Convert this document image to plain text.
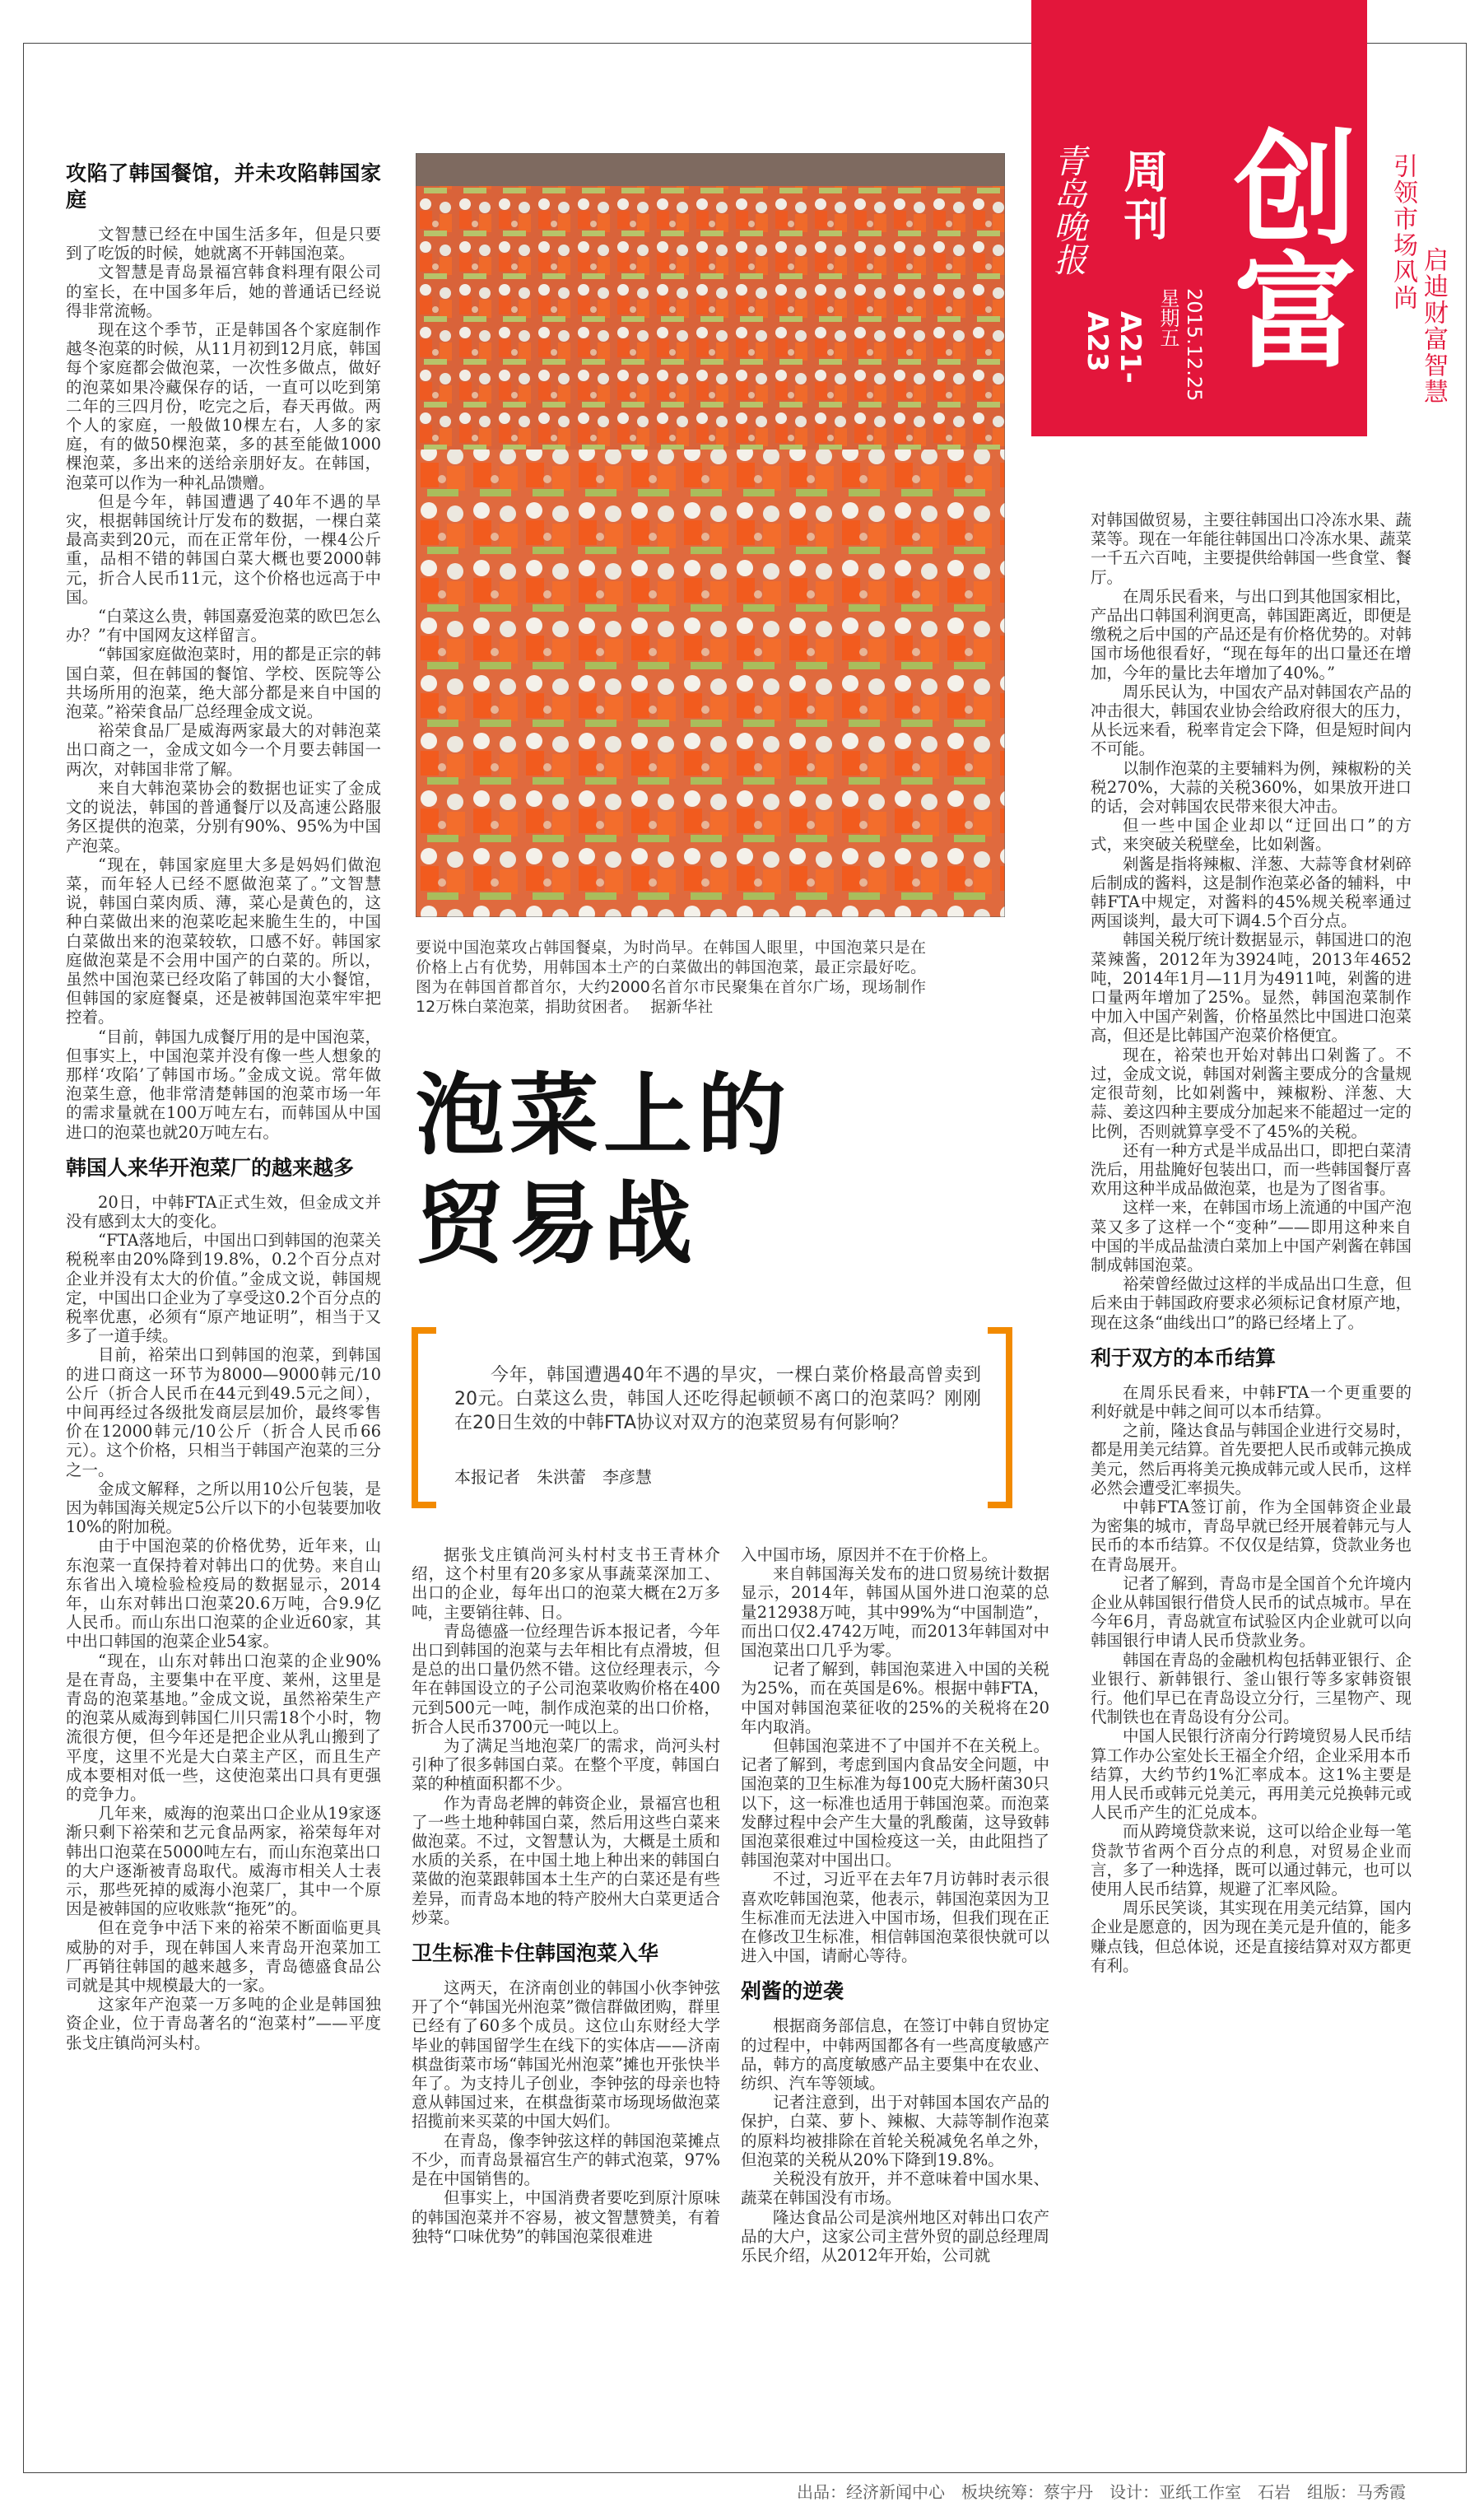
青岛晚报
A21-A23
周刊
星期五 2015.12.25 创富 引领市场风尚
启迪财富智慧
要说中国泡菜攻占韩国餐桌，为时尚早。在韩国人眼里，中国泡菜只是在价格上占有优势，用韩国本土产的白菜做出的韩国泡菜，最正宗最好吃。图为在韩国首都首尔，大约2000名首尔市民聚集在首尔广场，现场制作12万株白菜泡菜，捐助贫困者。 据新华社
泡菜上的
贸易战
今年，韩国遭遇40年不遇的旱灾，一棵白菜价格最高曾卖到20元。白菜这么贵，韩国人还吃得起顿顿不离口的泡菜吗？刚刚在20日生效的中韩FTA协议对双方的泡菜贸易有何影响？
本报记者　朱洪蕾　李彦慧
攻陷了韩国餐馆，并未攻陷韩国家庭

文智慧已经在中国生活多年，但是只要到了吃饭的时候，她就离不开韩国泡菜。

文智慧是青岛景福宫韩食料理有限公司的室长，在中国多年后，她的普通话已经说得非常流畅。

现在这个季节，正是韩国各个家庭制作越冬泡菜的时候，从11月初到12月底，韩国每个家庭都会做泡菜，一次性多做点，做好的泡菜如果冷藏保存的话，一直可以吃到第二年的三四月份，吃完之后，春天再做。两个人的家庭，一般做10棵左右，人多的家庭，有的做50棵泡菜，多的甚至能做1000棵泡菜，多出来的送给亲朋好友。在韩国，泡菜可以作为一种礼品馈赠。

但是今年，韩国遭遇了40年不遇的旱灾，根据韩国统计厅发布的数据，一棵白菜最高卖到20元，而在正常年份，一棵4公斤重，品相不错的韩国白菜大概也要2000韩元，折合人民币11元，这个价格也远高于中国。

“白菜这么贵，韩国嘉爱泡菜的欧巴怎么办？”有中国网友这样留言。

“韩国家庭做泡菜时，用的都是正宗的韩国白菜，但在韩国的餐馆、学校、医院等公共场所用的泡菜，绝大部分都是来自中国的泡菜。”裕荣食品厂总经理金成文说。

裕荣食品厂是威海两家最大的对韩泡菜出口商之一，金成文如今一个月要去韩国一两次，对韩国非常了解。

来自大韩泡菜协会的数据也证实了金成文的说法，韩国的普通餐厅以及高速公路服务区提供的泡菜，分别有90%、95%为中国产泡菜。

“现在，韩国家庭里大多是妈妈们做泡菜，而年轻人已经不愿做泡菜了。”文智慧说，韩国白菜肉质、薄，菜心是黄色的，这种白菜做出来的泡菜吃起来脆生生的，中国白菜做出来的泡菜较软，口感不好。韩国家庭做泡菜是不会用中国产的白菜的。所以，虽然中国泡菜已经攻陷了韩国的大小餐馆，但韩国的家庭餐桌，还是被韩国泡菜牢牢把控着。

“目前，韩国九成餐厅用的是中国泡菜，但事实上，中国泡菜并没有像一些人想象的那样‘攻陷’了韩国市场。”金成文说。常年做泡菜生意，他非常清楚韩国的泡菜市场一年的需求量就在100万吨左右，而韩国从中国进口的泡菜也就20万吨左右。

韩国人来华开泡菜厂的越来越多

20日，中韩FTA正式生效，但金成文并没有感到太大的变化。

“FTA落地后，中国出口到韩国的泡菜关税税率由20%降到19.8%，0.2个百分点对企业并没有太大的价值。”金成文说，韩国规定，中国出口企业为了享受这0.2个百分点的税率优惠，必须有“原产地证明”，相当于又多了一道手续。

目前，裕荣出口到韩国的泡菜，到韩国的进口商这一环节为8000—9000韩元/10公斤（折合人民币在44元到49.5元之间），中间再经过各级批发商层层加价，最终零售价在12000韩元/10公斤（折合人民币66元）。这个价格，只相当于韩国产泡菜的三分之一。

金成文解释，之所以用10公斤包装，是因为韩国海关规定5公斤以下的小包装要加收10%的附加税。

由于中国泡菜的价格优势，近年来，山东泡菜一直保持着对韩出口的优势。来自山东省出入境检验检疫局的数据显示，2014年，山东对韩出口泡菜20.6万吨，合9.9亿人民币。而山东出口泡菜的企业近60家，其中出口韩国的泡菜企业54家。

“现在，山东对韩出口泡菜的企业90%是在青岛，主要集中在平度、莱州，这里是青岛的泡菜基地。”金成文说，虽然裕荣生产的泡菜从威海到韩国仁川只需18个小时，物流很方便，但今年还是把企业从乳山搬到了平度，这里不光是大白菜主产区，而且生产成本要相对低一些，这使泡菜出口具有更强的竞争力。

几年来，威海的泡菜出口企业从19家逐渐只剩下裕荣和艺元食品两家，裕荣每年对韩出口泡菜在5000吨左右，而山东泡菜出口的大户逐渐被青岛取代。威海市相关人士表示，那些死掉的威海小泡菜厂，其中一个原因是被韩国的应收账款“拖死”的。

但在竞争中活下来的裕荣不断面临更具威胁的对手，现在韩国人来青岛开泡菜加工厂再销往韩国的越来越多，青岛德盛食品公司就是其中规模最大的一家。

这家年产泡菜一万多吨的企业是韩国独资企业，位于青岛著名的“泡菜村”——平度张戈庄镇尚河头村。

据张戈庄镇尚河头村村支书王青林介绍，这个村里有20多家从事蔬菜深加工、出口的企业，每年出口的泡菜大概在2万多吨，主要销往韩、日。

青岛德盛一位经理告诉本报记者，今年出口到韩国的泡菜与去年相比有点滑坡，但是总的出口量仍然不错。这位经理表示，今年在韩国设立的子公司泡菜收购价格在400元到500元一吨，制作成泡菜的出口价格，折合人民币3700元一吨以上。

为了满足当地泡菜厂的需求，尚河头村引种了很多韩国白菜。在整个平度，韩国白菜的种植面积都不少。

作为青岛老牌的韩资企业，景福宫也租了一些土地种韩国白菜，然后用这些白菜来做泡菜。不过，文智慧认为，大概是土质和水质的关系，在中国土地上种出来的韩国白菜做的泡菜跟韩国本土生产的白菜还是有些差异，而青岛本地的特产胶州大白菜更适合炒菜。

卫生标准卡住韩国泡菜入华

这两天，在济南创业的韩国小伙李钟弦开了个“韩国光州泡菜”微信群做团购，群里已经有了60多个成员。这位山东财经大学毕业的韩国留学生在线下的实体店——济南棋盘街菜市场“韩国光州泡菜”摊也开张快半年了。为支持儿子创业，李钟弦的母亲也特意从韩国过来，在棋盘街菜市场现场做泡菜招揽前来买菜的中国大妈们。

在青岛，像李钟弦这样的韩国泡菜摊点不少，而青岛景福宫生产的韩式泡菜，97%是在中国销售的。

但事实上，中国消费者要吃到原汁原味的韩国泡菜并不容易，被文智慧赞美，有着独特“口味优势”的韩国泡菜很难进

入中国市场，原因并不在于价格上。

来自韩国海关发布的进口贸易统计数据显示，2014年，韩国从国外进口泡菜的总量212938万吨，其中99%为“中国制造”，而出口仅2.4742万吨，而2013年韩国对中国泡菜出口几乎为零。

记者了解到，韩国泡菜进入中国的关税为25%，而在英国是6%。根据中韩FTA，中国对韩国泡菜征收的25%的关税将在20年内取消。

但韩国泡菜进不了中国并不在关税上。记者了解到，考虑到国内食品安全问题，中国泡菜的卫生标准为每100克大肠杆菌30只以下，这一标准也适用于韩国泡菜。而泡菜发酵过程中会产生大量的乳酸菌，这导致韩国泡菜很难过中国检疫这一关，由此阻挡了韩国泡菜对中国出口。

不过，习近平在去年7月访韩时表示很喜欢吃韩国泡菜，他表示，韩国泡菜因为卫生标准而无法进入中国市场，但我们现在正在修改卫生标准，相信韩国泡菜很快就可以进入中国，请耐心等待。

剁酱的逆袭

根据商务部信息，在签订中韩自贸协定的过程中，中韩两国都各有一些高度敏感产品，韩方的高度敏感产品主要集中在农业、纺织、汽车等领域。

记者注意到，出于对韩国本国农产品的保护，白菜、萝卜、辣椒、大蒜等制作泡菜的原料均被排除在首轮关税减免名单之外，但泡菜的关税从20%下降到19.8%。

关税没有放开，并不意味着中国水果、蔬菜在韩国没有市场。

隆达食品公司是滨州地区对韩出口农产品的大户，这家公司主营外贸的副总经理周乐民介绍，从2012年开始，公司就

对韩国做贸易，主要往韩国出口冷冻水果、蔬菜等。现在一年能往韩国出口冷冻水果、蔬菜一千五六百吨，主要提供给韩国一些食堂、餐厅。

在周乐民看来，与出口到其他国家相比，产品出口韩国利润更高，韩国距离近，即便是缴税之后中国的产品还是有价格优势的。对韩国市场他很看好，“现在每年的出口量还在增加，今年的量比去年增加了40%。”

周乐民认为，中国农产品对韩国农产品的冲击很大，韩国农业协会给政府很大的压力，从长远来看，税率肯定会下降，但是短时间内不可能。

以制作泡菜的主要辅料为例，辣椒粉的关税270%，大蒜的关税360%，如果放开进口的话，会对韩国农民带来很大冲击。

但一些中国企业却以“迂回出口”的方式，来突破关税壁垒，比如剁酱。

剁酱是指将辣椒、洋葱、大蒜等食材剁碎后制成的酱料，这是制作泡菜必备的辅料，中韩FTA中规定，对酱料的45%规关税率通过两国谈判，最大可下调4.5个百分点。

韩国关税厅统计数据显示，韩国进口的泡菜辣酱，2012年为3924吨，2013年4652吨，2014年1月—11月为4911吨，剁酱的进口量两年增加了25%。显然，韩国泡菜制作中加入中国产剁酱，价格虽然比中国进口泡菜高，但还是比韩国产泡菜价格便宜。

现在，裕荣也开始对韩出口剁酱了。不过，金成文说，韩国对剁酱主要成分的含量规定很苛刻，比如剁酱中，辣椒粉、洋葱、大蒜、姜这四种主要成分加起来不能超过一定的比例，否则就算享受不了45%的关税。

还有一种方式是半成品出口，即把白菜清洗后，用盐腌好包装出口，而一些韩国餐厅喜欢用这种半成品做泡菜，也是为了图省事。

这样一来，在韩国市场上流通的中国产泡菜又多了这样一个“变种”——即用这种来自中国的半成品盐渍白菜加上中国产剁酱在韩国制成韩国泡菜。

裕荣曾经做过这样的半成品出口生意，但后来由于韩国政府要求必须标记食材原产地，现在这条“曲线出口”的路已经堵上了。

利于双方的本币结算

在周乐民看来，中韩FTA一个更重要的利好就是中韩之间可以本币结算。

之前，隆达食品与韩国企业进行交易时，都是用美元结算。首先要把人民币或韩元换成美元，然后再将美元换成韩元或人民币，这样必然会遭受汇率损失。

中韩FTA签订前，作为全国韩资企业最为密集的城市，青岛早就已经开展着韩元与人民币的本币结算。不仅仅是结算，贷款业务也在青岛展开。

记者了解到，青岛市是全国首个允许境内企业从韩国银行借贷人民币的试点城市。早在今年6月，青岛就宣布试验区内企业就可以向韩国银行申请人民币贷款业务。

韩国在青岛的金融机构包括韩亚银行、企业银行、新韩银行、釜山银行等多家韩资银行。他们早已在青岛设立分行，三星物产、现代制铁也在青岛设有分公司。

中国人民银行济南分行跨境贸易人民币结算工作办公室处长王福全介绍，企业采用本币结算，大约节约1%汇率成本。这1%主要是用人民币或韩元兑美元，再用美元兑换韩元或人民币产生的汇兑成本。

而从跨境贷款来说，这可以给企业每一笔贷款节省两个百分点的利息，对贸易企业而言，多了一种选择，既可以通过韩元，也可以使用人民币结算，规避了汇率风险。

周乐民笑谈，其实现在用美元结算，国内企业是愿意的，因为现在美元是升值的，能多赚点钱，但总体说，还是直接结算对双方都更有利。

出品：经济新闻中心　板块统筹：蔡宇丹　设计：亚纸工作室　石岩　组版：马秀霞
